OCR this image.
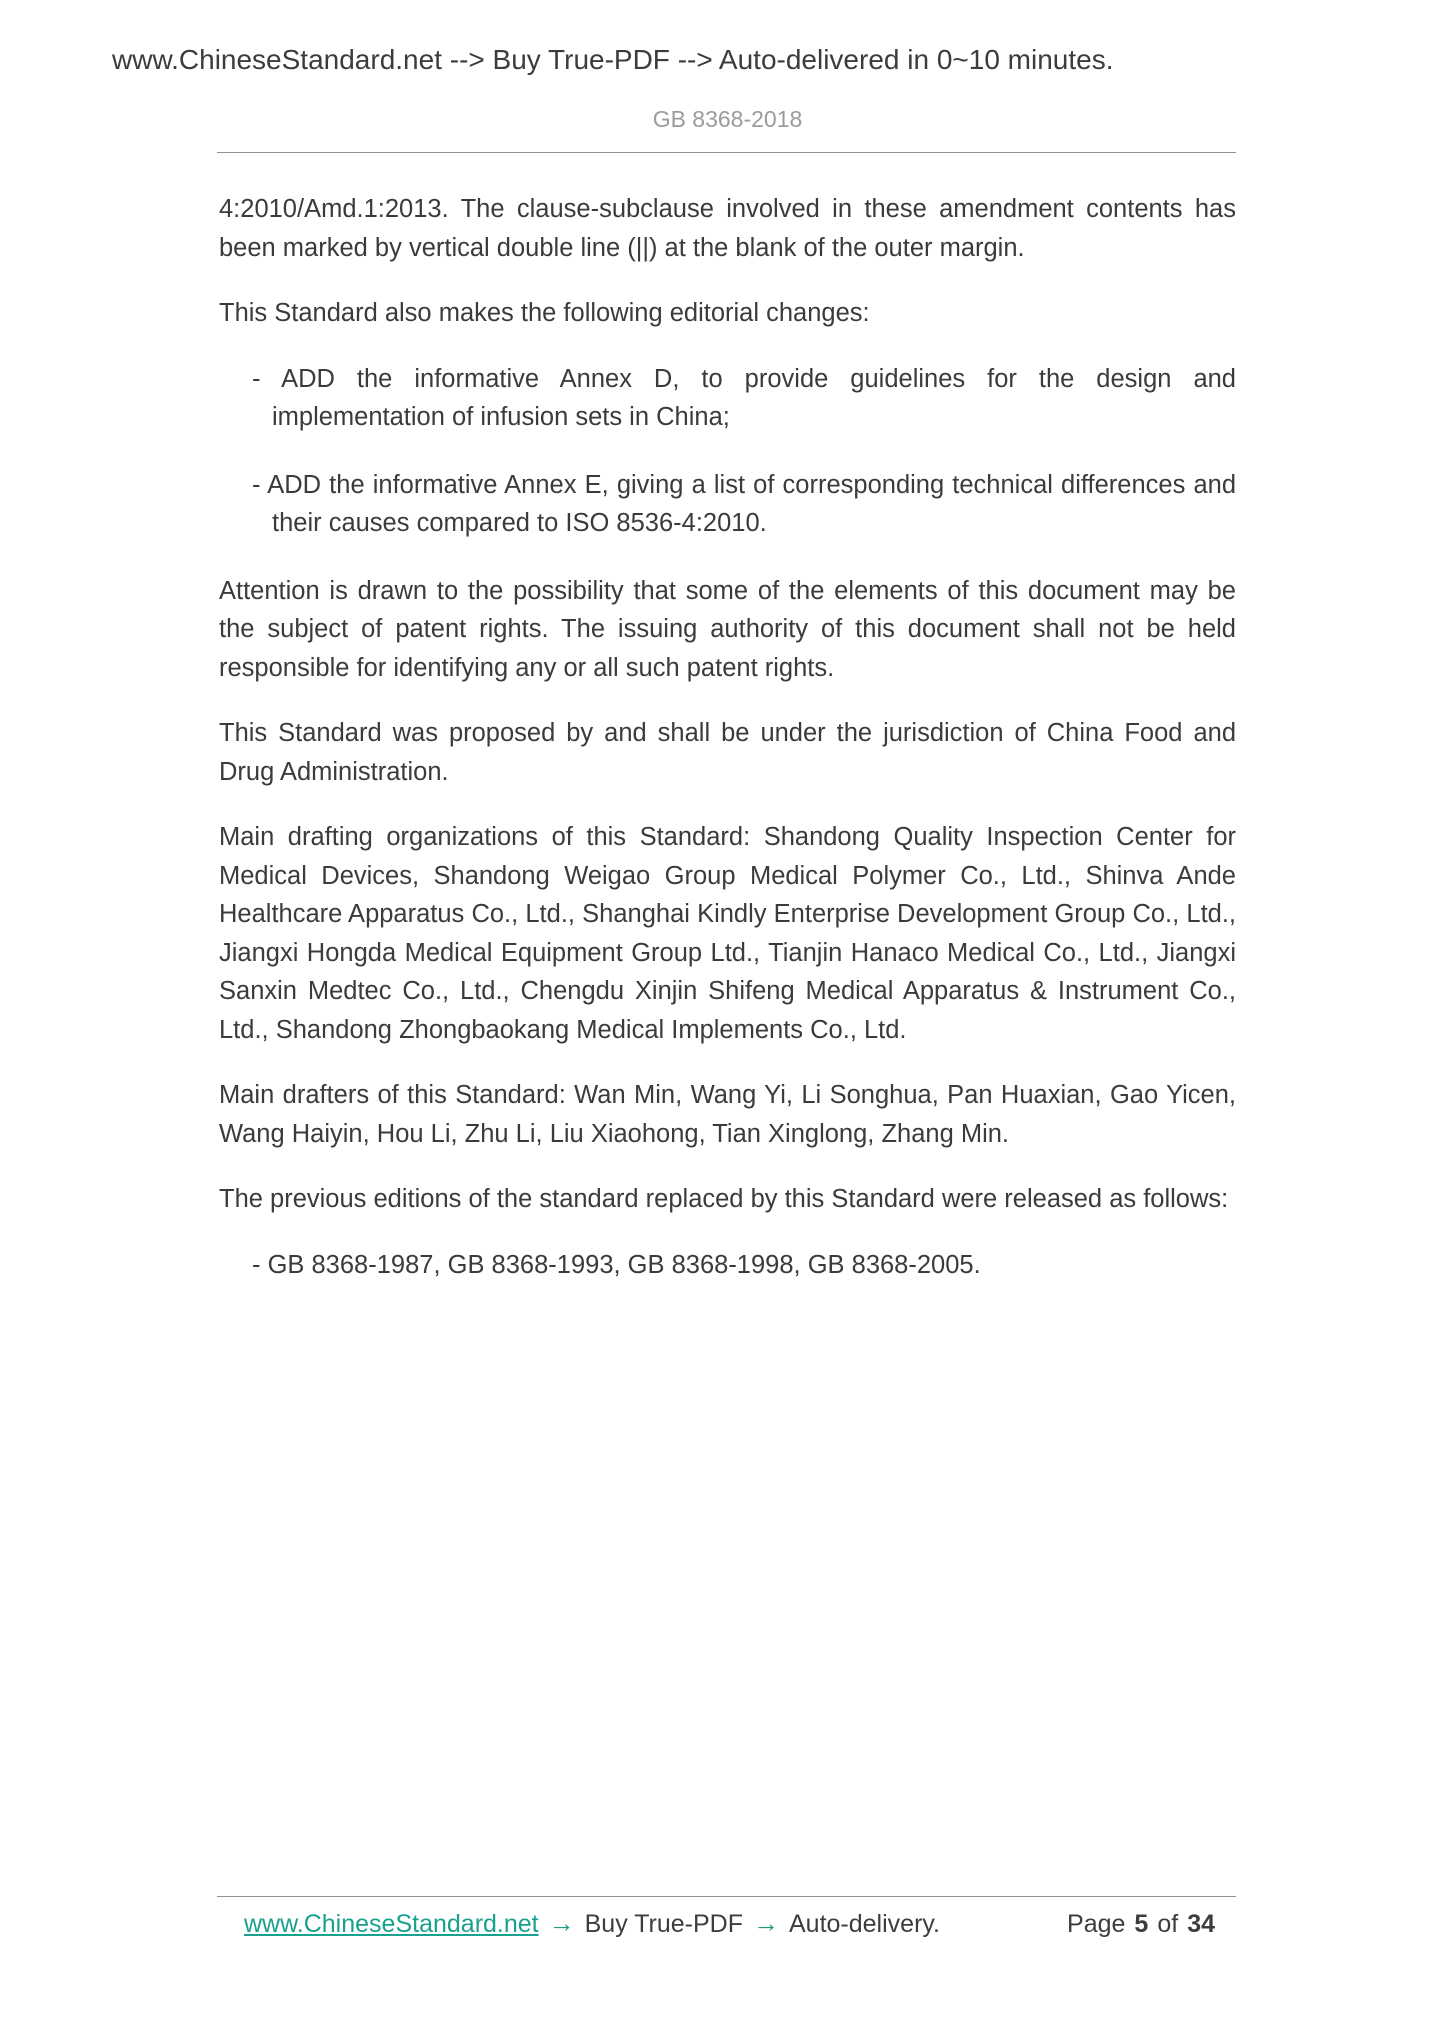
www.ChineseStandard.net --> Buy True-PDF --> Auto-delivered in 0~10 minutes.
GB 8368-2018

4:2010/Amd.1:2013. The clause-subclause involved in these amendment contents has been marked by vertical double line (||) at the blank of the outer margin.

This Standard also makes the following editorial changes:

- ADD the informative Annex D, to provide guidelines for the design and implementation of infusion sets in China;

- ADD the informative Annex E, giving a list of corresponding technical differences and their causes compared to ISO 8536-4:2010.

Attention is drawn to the possibility that some of the elements of this document may be the subject of patent rights. The issuing authority of this document shall not be held responsible for identifying any or all such patent rights.

This Standard was proposed by and shall be under the jurisdiction of China Food and Drug Administration.

Main drafting organizations of this Standard: Shandong Quality Inspection Center for Medical Devices, Shandong Weigao Group Medical Polymer Co., Ltd., Shinva Ande Healthcare Apparatus Co., Ltd., Shanghai Kindly Enterprise Development Group Co., Ltd., Jiangxi Hongda Medical Equipment Group Ltd., Tianjin Hanaco Medical Co., Ltd., Jiangxi Sanxin Medtec Co., Ltd., Chengdu Xinjin Shifeng Medical Apparatus & Instrument Co., Ltd., Shandong Zhongbaokang Medical Implements Co., Ltd.

Main drafters of this Standard: Wan Min, Wang Yi, Li Songhua, Pan Huaxian, Gao Yicen, Wang Haiyin, Hou Li, Zhu Li, Liu Xiaohong, Tian Xinglong, Zhang Min.

The previous editions of the standard replaced by this Standard were released as follows:

- GB 8368-1987, GB 8368-1993, GB 8368-1998, GB 8368-2005.

www.ChineseStandard.net → Buy True-PDF → Auto-delivery.	Page 5 of 34
